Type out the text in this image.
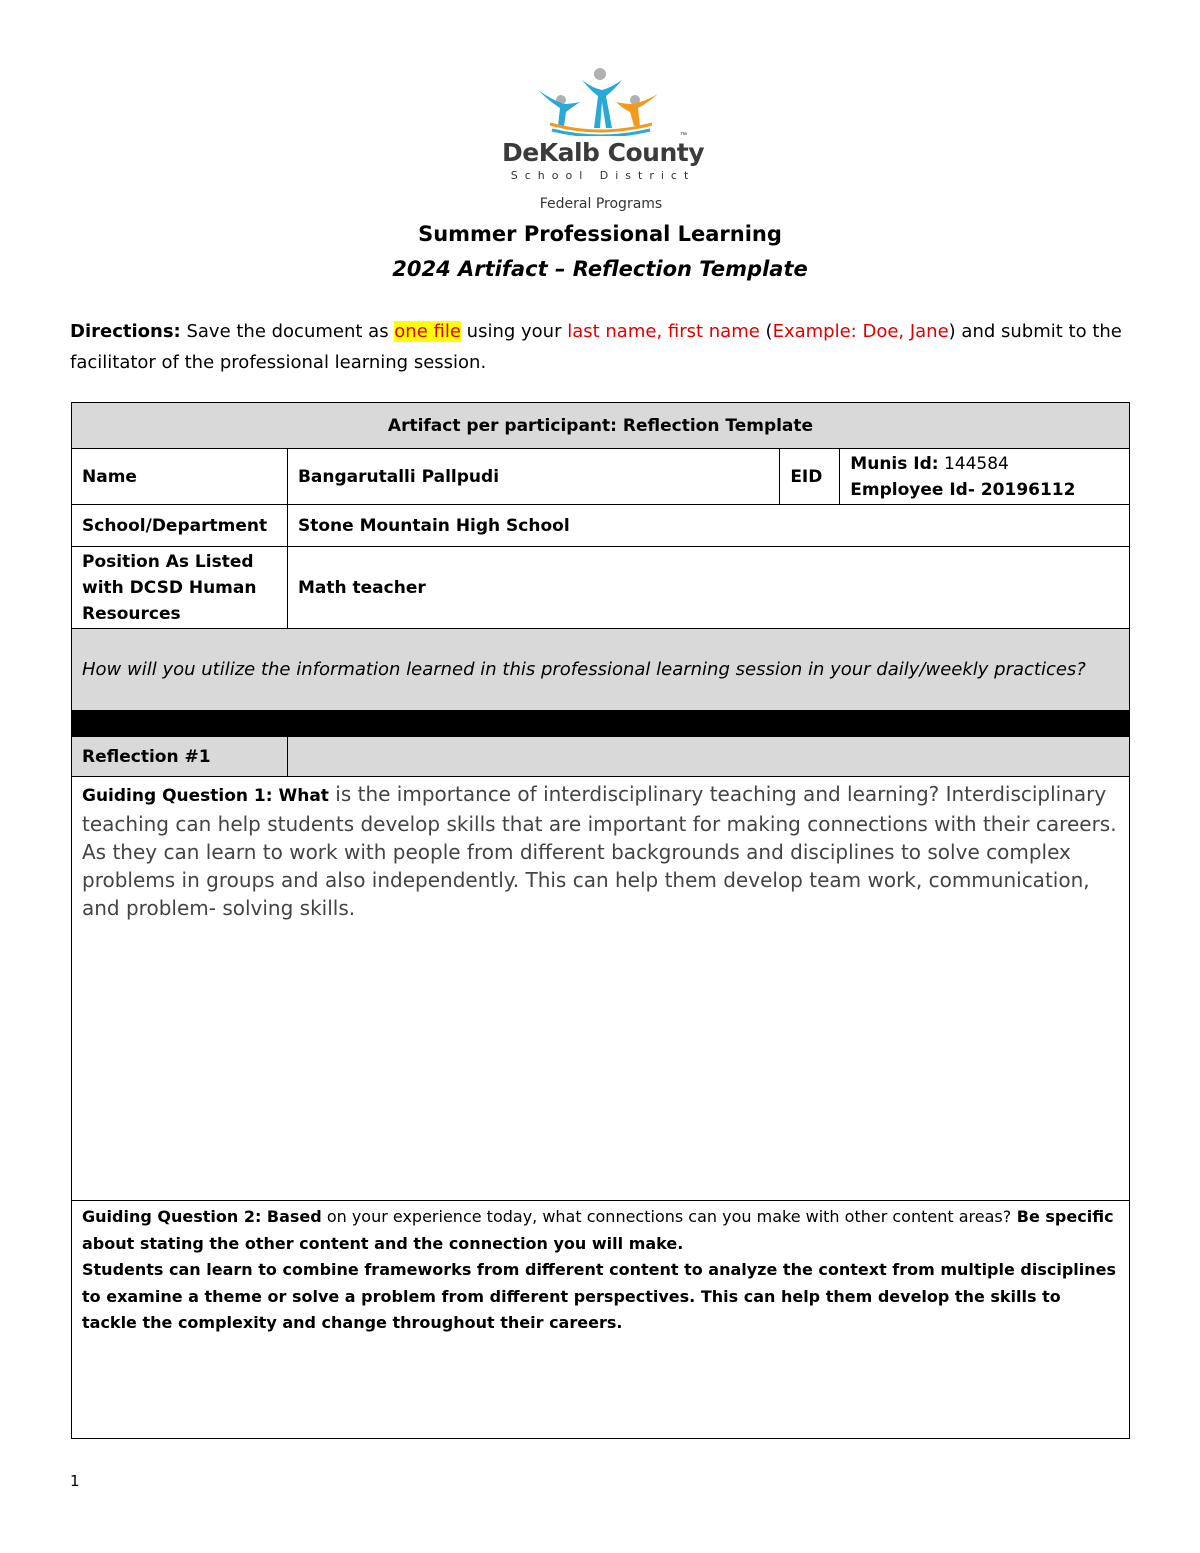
DeKalb County
™
School District
Federal Programs
Summer Professional Learning
2024 Artifact – Reflection Template
Directions: Save the document as one file using your last name, first name (Example: Doe, Jane) and submit to the facilitator of the professional learning session.
Artifact per participant: Reflection Template			
Name	Bangarutalli Pallpudi	EID	Munis Id: 144584
Employee Id- 20196112

School/Department	Stone Mountain High School		
Position As Listed with DCSD Human Resources	Math teacher		
How will you utilize the information learned in this professional learning session in your daily/weekly practices?			

Reflection #1			
Guiding Question 1: What is the importance of interdisciplinary teaching and learning? Interdisciplinary teaching can help students develop skills that are important for making connections with their careers. As they can learn to work with people from different backgrounds and disciplines to solve complex problems in groups and also independently. This can help them develop team work, communication, and problem- solving skills.			
Guiding Question 2: Based on your experience today, what connections can you make with other content areas? Be specific about stating the other content and the connection you will make.
Students can learn to combine frameworks from different content to analyze the context from multiple disciplines to examine a theme or solve a problem from different perspectives. This can help them develop the skills to tackle the complexity and change throughout their careers.			
1
